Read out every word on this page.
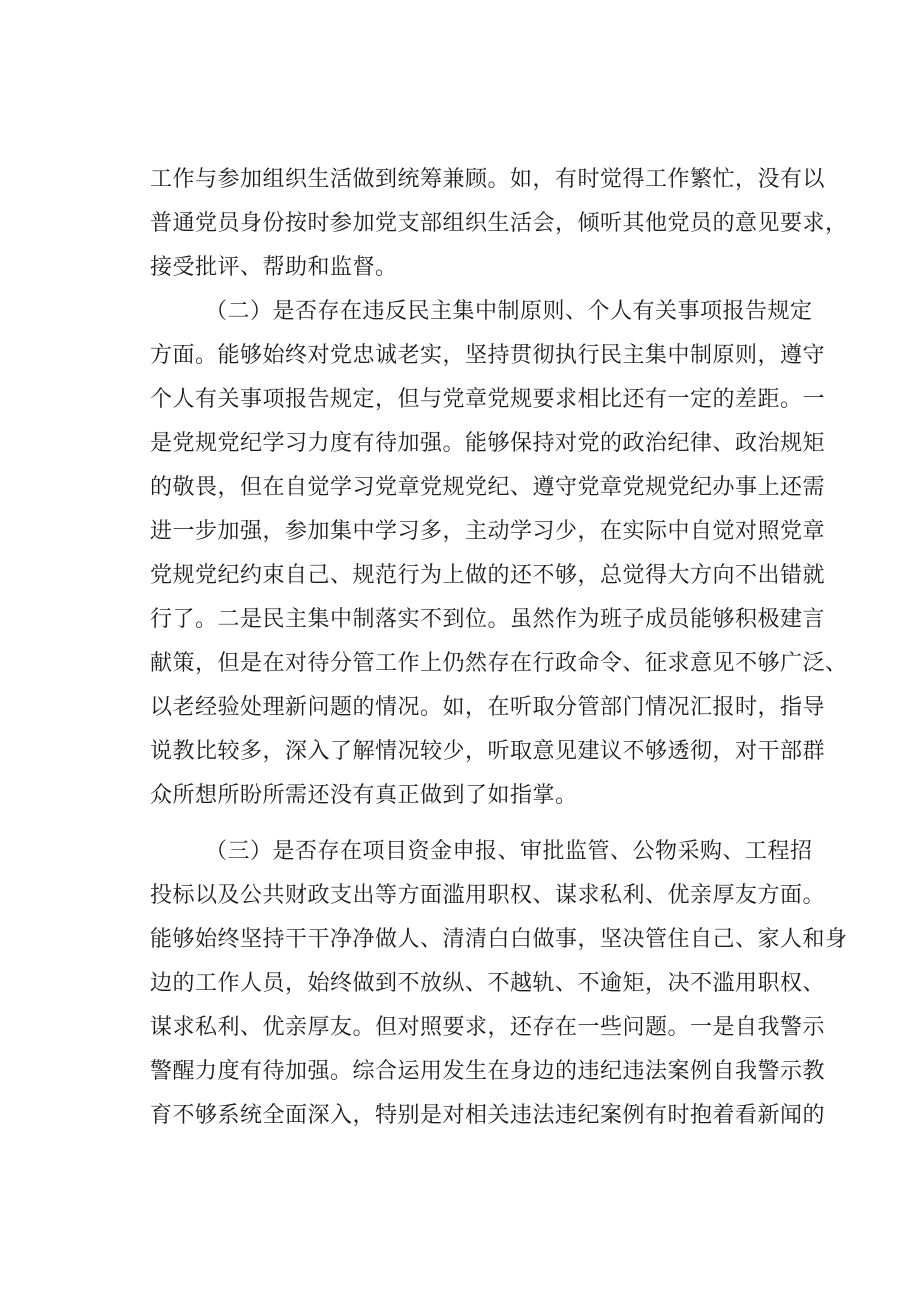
工作与参加组织生活做到统筹兼顾。如，有时觉得工作繁忙，没有以
普通党员身份按时参加党支部组织生活会，倾听其他党员的意见要求，
接受批评、帮助和监督。
（二）是否存在违反民主集中制原则、个人有关事项报告规定
方面。能够始终对党忠诚老实，坚持贯彻执行民主集中制原则，遵守
个人有关事项报告规定，但与党章党规要求相比还有一定的差距。一
是党规党纪学习力度有待加强。能够保持对党的政治纪律、政治规矩
的敬畏，但在自觉学习党章党规党纪、遵守党章党规党纪办事上还需
进一步加强，参加集中学习多，主动学习少，在实际中自觉对照党章
党规党纪约束自己、规范行为上做的还不够，总觉得大方向不出错就
行了。二是民主集中制落实不到位。虽然作为班子成员能够积极建言
献策，但是在对待分管工作上仍然存在行政命令、征求意见不够广泛、
以老经验处理新问题的情况。如，在听取分管部门情况汇报时，指导
说教比较多，深入了解情况较少，听取意见建议不够透彻，对干部群
众所想所盼所需还没有真正做到了如指掌。
（三）是否存在项目资金申报、审批监管、公物采购、工程招
投标以及公共财政支出等方面滥用职权、谋求私利、优亲厚友方面。
能够始终坚持干干净净做人、清清白白做事，坚决管住自己、家人和身
边的工作人员，始终做到不放纵、不越轨、不逾矩，决不滥用职权、
谋求私利、优亲厚友。但对照要求，还存在一些问题。一是自我警示
警醒力度有待加强。综合运用发生在身边的违纪违法案例自我警示教
育不够系统全面深入，特别是对相关违法违纪案例有时抱着看新闻的
